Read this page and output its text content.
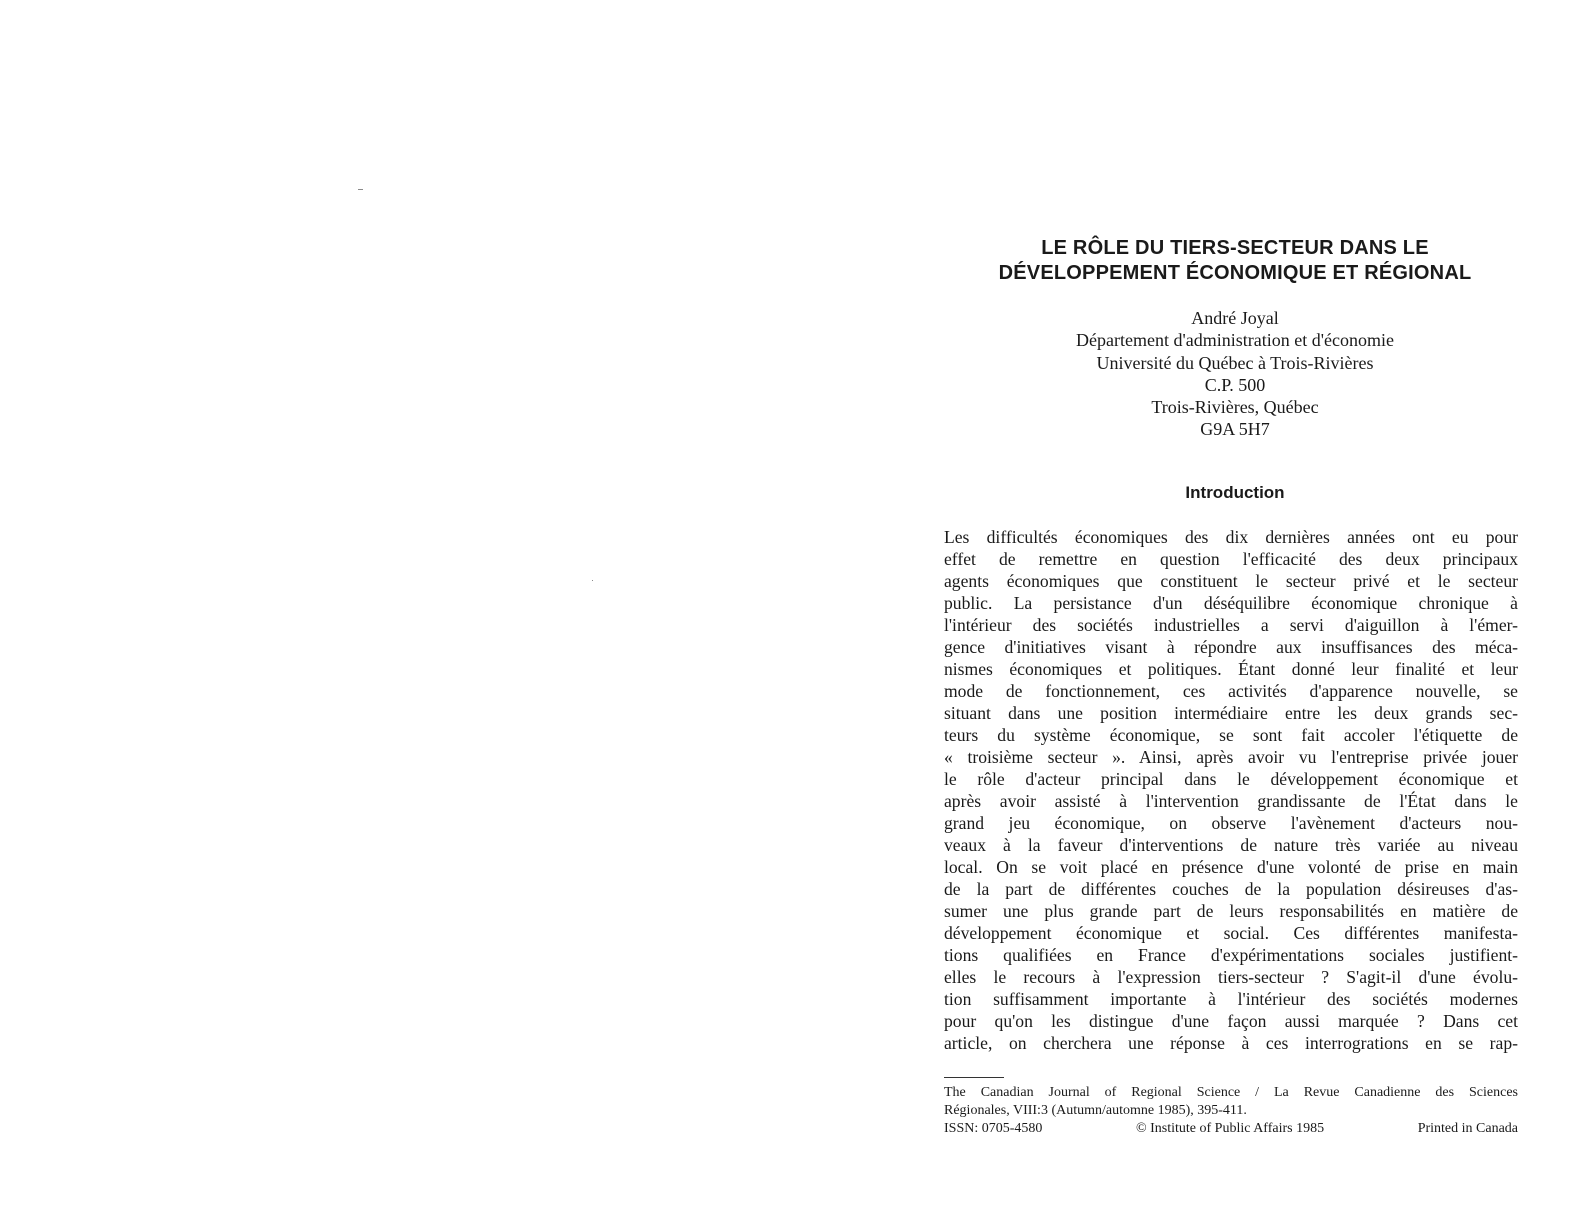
LE RÔLE DU TIERS-SECTEUR DANS LE
DÉVELOPPEMENT ÉCONOMIQUE ET RÉGIONAL
André Joyal
Département d'administration et d'économie
Université du Québec à Trois-Rivières
C.P. 500
Trois-Rivières, Québec
G9A 5H7
Introduction
Les difficultés économiques des dix dernières années ont eu pour
effet de remettre en question l'efficacité des deux principaux
agents économiques que constituent le secteur privé et le secteur
public. La persistance d'un déséquilibre économique chronique à
l'intérieur des sociétés industrielles a servi d'aiguillon à l'émer-
gence d'initiatives visant à répondre aux insuffisances des méca-
nismes économiques et politiques. Étant donné leur finalité et leur
mode de fonctionnement, ces activités d'apparence nouvelle, se
situant dans une position intermédiaire entre les deux grands sec-
teurs du système économique, se sont fait accoler l'étiquette de
« troisième secteur ». Ainsi, après avoir vu l'entreprise privée jouer
le rôle d'acteur principal dans le développement économique et
après avoir assisté à l'intervention grandissante de l'État dans le
grand jeu économique, on observe l'avènement d'acteurs nou-
veaux à la faveur d'interventions de nature très variée au niveau
local. On se voit placé en présence d'une volonté de prise en main
de la part de différentes couches de la population désireuses d'as-
sumer une plus grande part de leurs responsabilités en matière de
développement économique et social. Ces différentes manifesta-
tions qualifiées en France d'expérimentations sociales justifient-
elles le recours à l'expression tiers-secteur ? S'agit-il d'une évolu-
tion suffisamment importante à l'intérieur des sociétés modernes
pour qu'on les distingue d'une façon aussi marquée ? Dans cet
article, on cherchera une réponse à ces interrogrations en se rap-
The Canadian Journal of Regional Science / La Revue Canadienne des Sciences
Régionales, VIII:3 (Autumn/automne 1985), 395-411.
ISSN: 0705-4580	© Institute of Public Affairs 1985	Printed in Canada
